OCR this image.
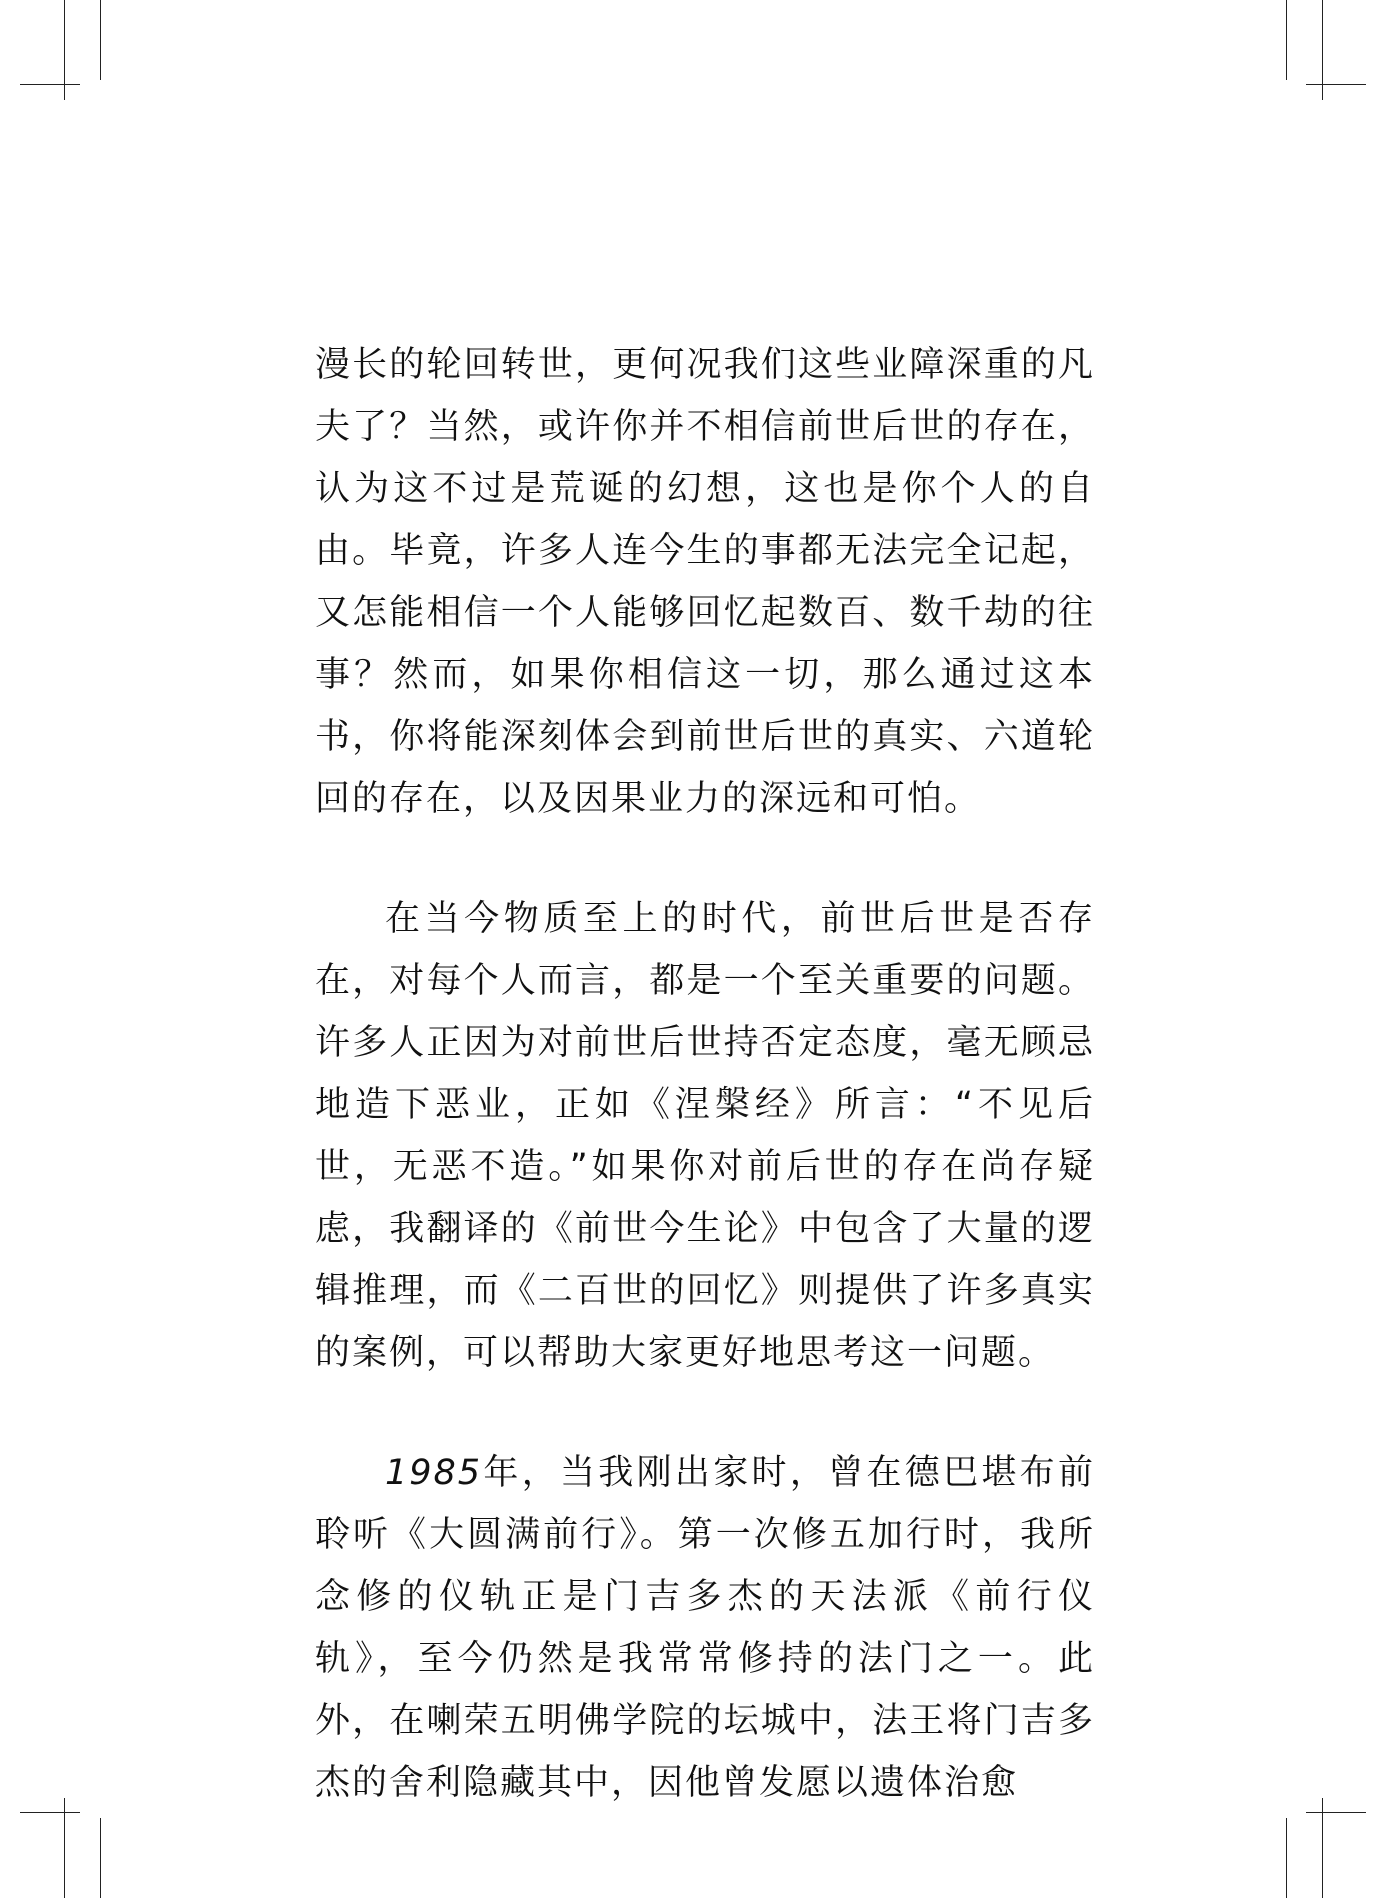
漫长的轮回转世，更何况我们这些业障深重的凡夫了？当然，或许你并不相信前世后世的存在，认为这不过是荒诞的幻想，这也是你个人的自由。毕竟，许多人连今生的事都无法完全记起，又怎能相信一个人能够回忆起数百、数千劫的往事？然而，如果你相信这一切，那么通过这本书，你将能深刻体会到前世后世的真实、六道轮回的存在，以及因果业力的深远和可怕。

在当今物质至上的时代，前世后世是否存在，对每个人而言，都是一个至关重要的问题。许多人正因为对前世后世持否定态度，毫无顾忌地造下恶业，正如《涅槃经》所言：“不见后世，无恶不造。”如果你对前后世的存在尚存疑虑，我翻译的《前世今生论》中包含了大量的逻辑推理，而《二百世的回忆》则提供了许多真实的案例，可以帮助大家更好地思考这一问题。

1985年，当我刚出家时，曾在德巴堪布前聆听《大圆满前行》。第一次修五加行时，我所念修的仪轨正是门吉多杰的天法派《前行仪轨》，至今仍然是我常常修持的法门之一。此外，在喇荣五明佛学院的坛城中，法王将门吉多杰的舍利隐藏其中，因他曾发愿以遗体治愈
